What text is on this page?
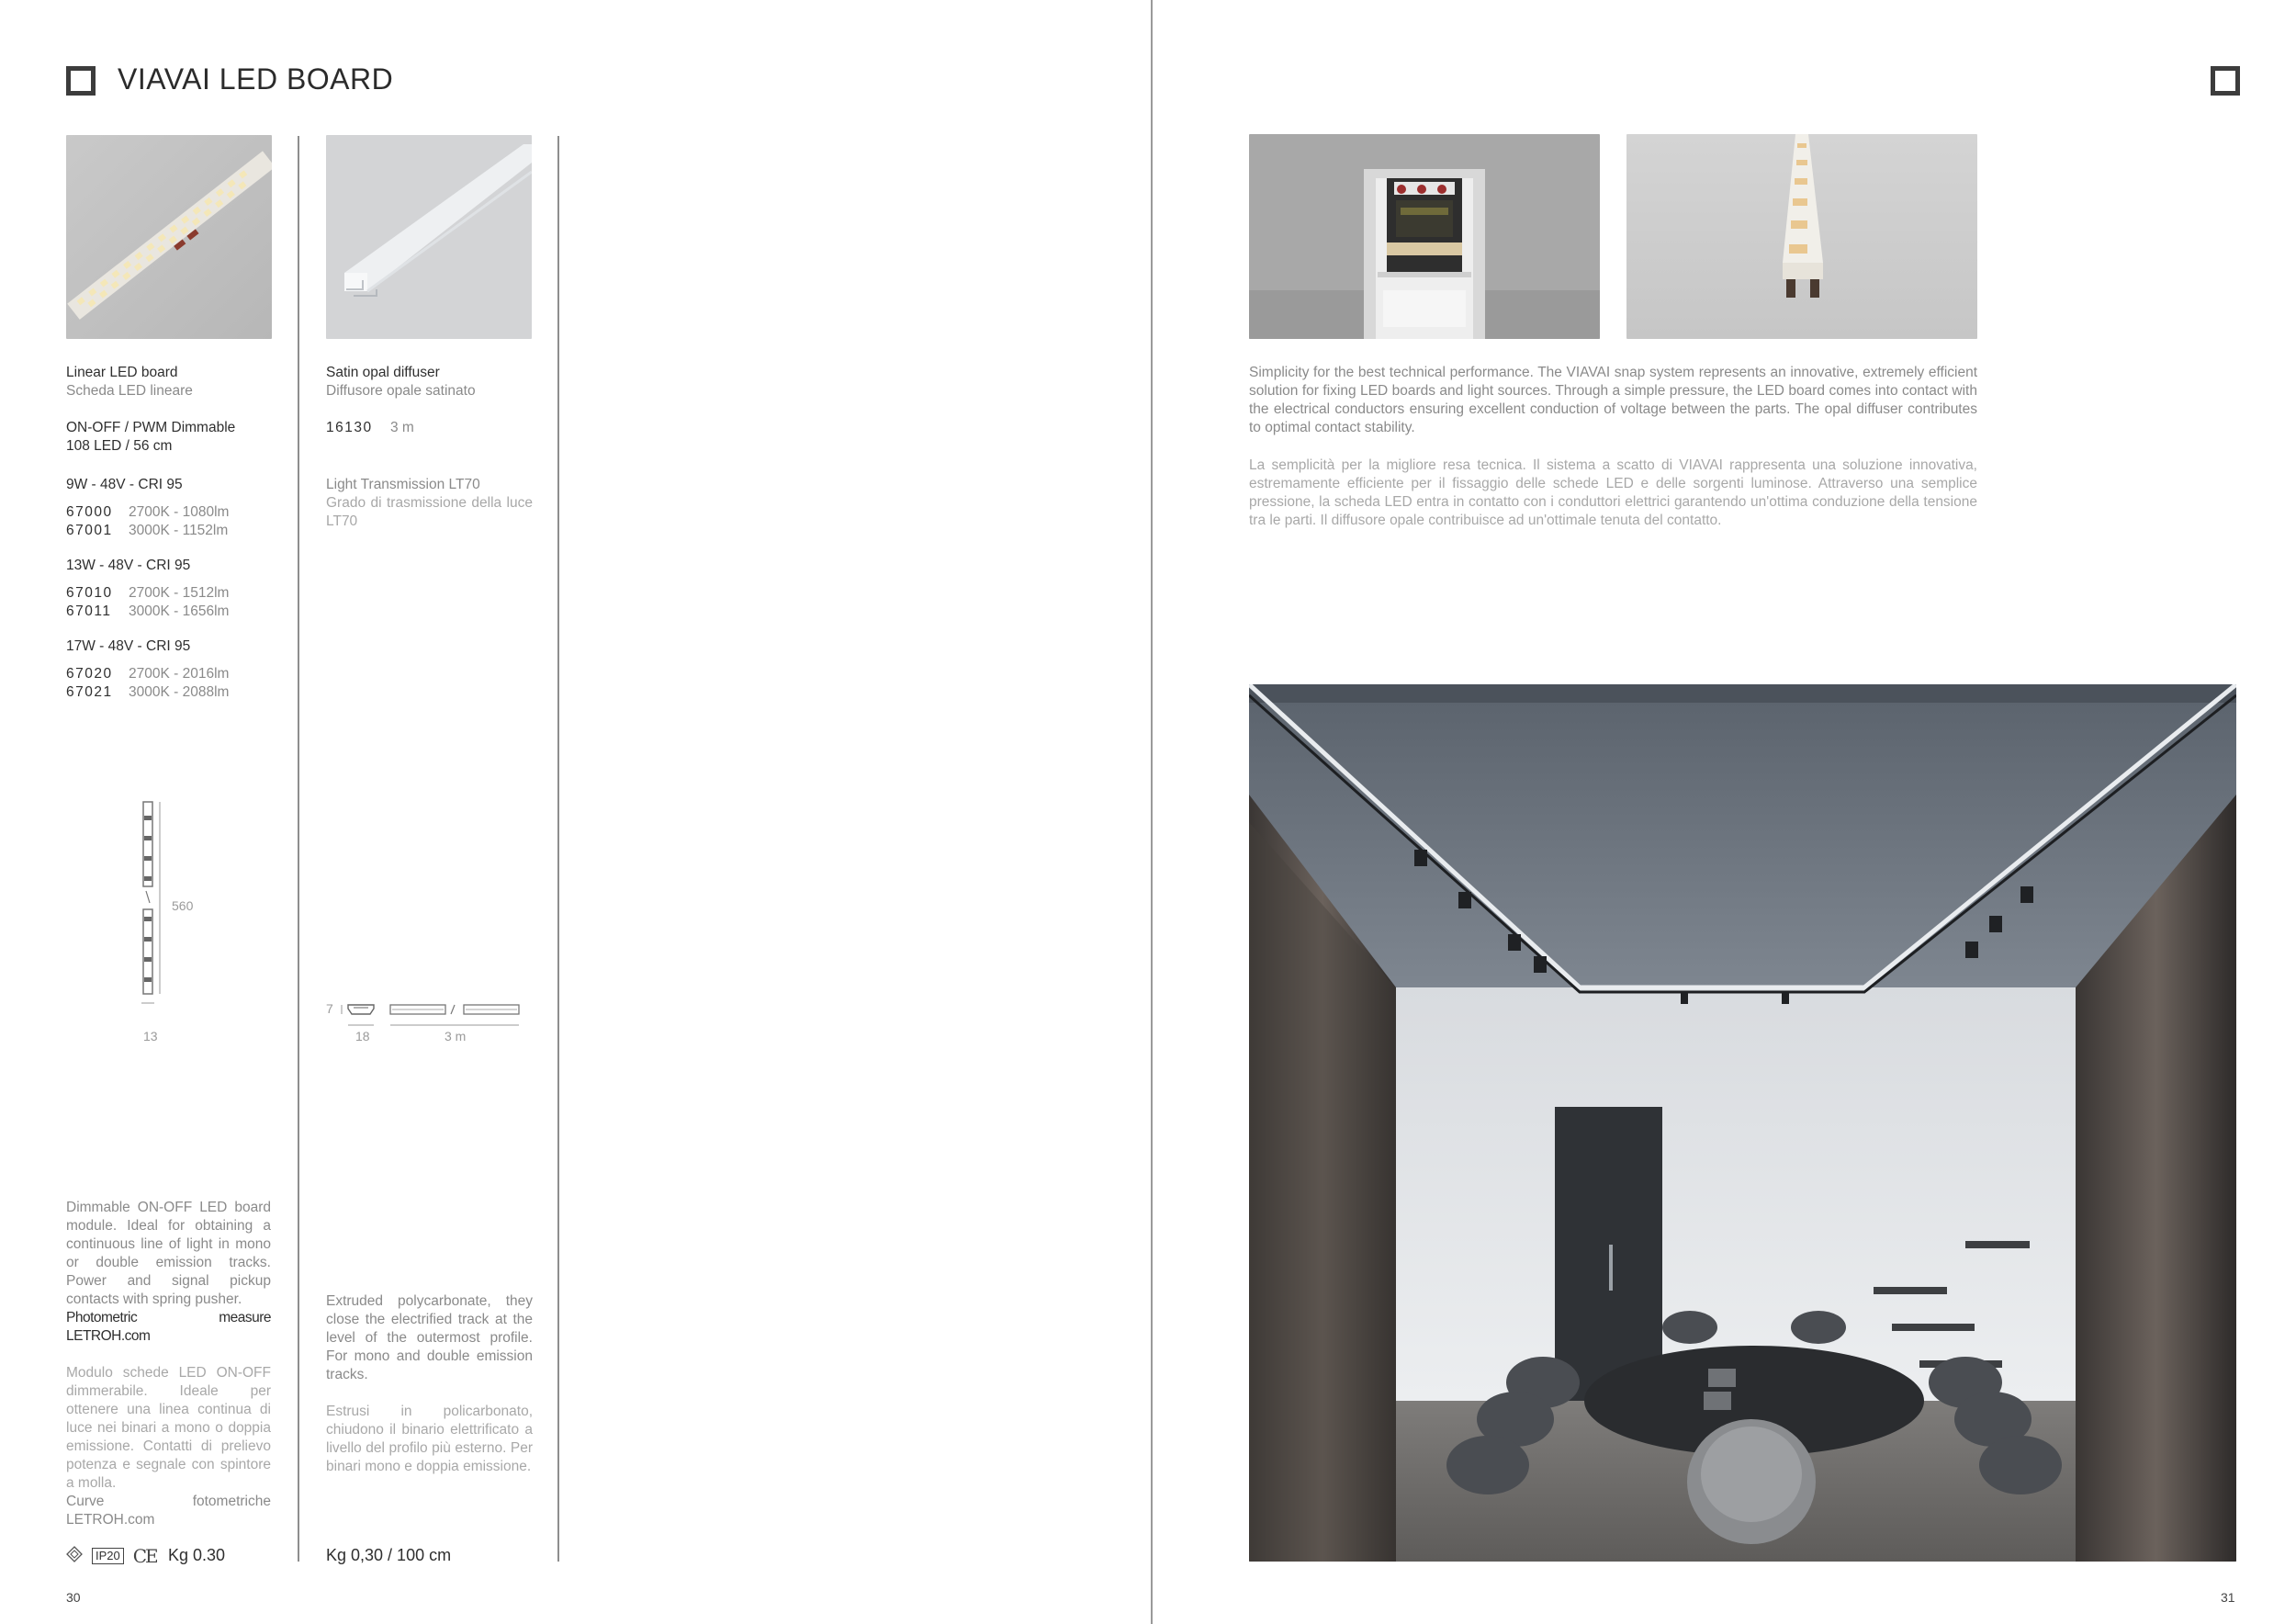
VIAVAI LED BOARD
Linear LED board
Scheda LED lineare
ON-OFF / PWM Dimmable
108 LED / 56 cm
9W - 48V - CRI 95
67000 2700K - 1080lm
67001 3000K - 1152lm
13W - 48V - CRI 95
67010 2700K - 1512lm
67011 3000K - 1656lm
17W - 48V - CRI 95
67020 2700K - 2016lm
67021 3000K - 2088lm
560
13
Dimmable ON-OFF LED board module. Ideal for obtaining a continuous line of light in mono or double emission tracks. Power and signal pickup contacts with spring pusher.
Photometric measure LETROH.com
Modulo schede LED ON-OFF dimmerabile. Ideale per ottenere una linea continua di luce nei binari a mono o doppia emissione. Contatti di prelievo potenza e segnale con spintore a molla.
Curve fotometriche LETROH.com
IP20 CE Kg 0.30
Satin opal diffuser
Diffusore opale satinato
16130 3 m
Light Transmission LT70
Grado di trasmissione della luce LT70
7
18	3 m
Extruded polycarbonate, they close the electrified track at the level of the outermost profile. For mono and double emission tracks.
Estrusi in policarbonato, chiudono il binario elettrificato a livello del profilo più esterno. Per binari mono e doppia emissione.
Kg 0,30 / 100 cm
Simplicity for the best technical performance. The VIAVAI snap system represents an innovative, extremely efficient solution for fixing LED boards and light sources. Through a simple pressure, the LED board comes into contact with the electrical conductors ensuring excellent conduction of voltage between the parts. The opal diffuser contributes to optimal contact stability.
La semplicità per la migliore resa tecnica. Il sistema a scatto di VIAVAI rappresenta una soluzione innovativa, estremamente efficiente per il fissaggio delle schede LED e delle sorgenti luminose. Attraverso una semplice pressione, la scheda LED entra in contatto con i conduttori elettrici garantendo un'ottima conduzione della tensione tra le parti. Il diffusore opale contribuisce ad un'ottimale tenuta del contatto.
30	31
